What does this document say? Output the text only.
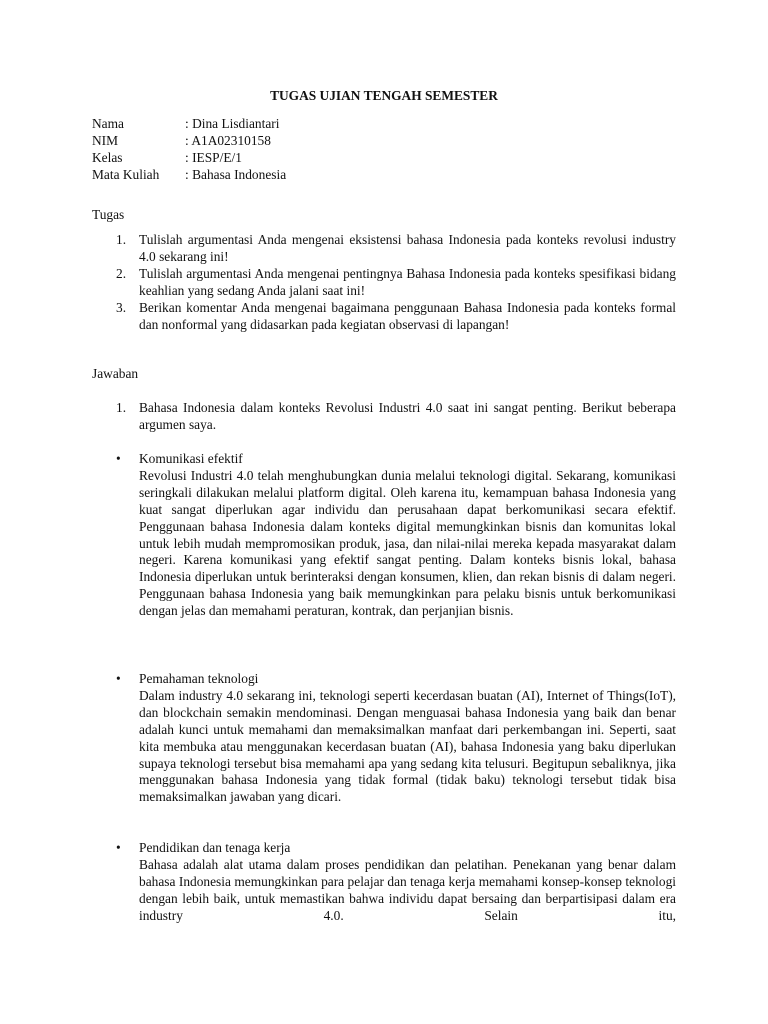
TUGAS UJIAN TENGAH SEMESTER
Nama	: Dina Lisdiantari
NIM	: A1A02310158
Kelas	: IESP/E/1
Mata Kuliah	: Bahasa Indonesia
Tugas
1. Tulislah argumentasi Anda mengenai eksistensi bahasa Indonesia pada konteks revolusi industry 4.0 sekarang ini!
2. Tulislah argumentasi Anda mengenai pentingnya Bahasa Indonesia pada konteks spesifikasi bidang keahlian yang sedang Anda jalani saat ini!
3. Berikan komentar Anda mengenai bagaimana penggunaan Bahasa Indonesia pada konteks formal dan nonformal yang didasarkan pada kegiatan observasi di lapangan!
Jawaban
1. Bahasa Indonesia dalam konteks Revolusi Industri 4.0 saat ini sangat penting. Berikut beberapa argumen saya.
•	Komunikasi efektif
Revolusi Industri 4.0 telah menghubungkan dunia melalui teknologi digital. Sekarang, komunikasi seringkali dilakukan melalui platform digital. Oleh karena itu, kemampuan bahasa Indonesia yang kuat sangat diperlukan agar individu dan perusahaan dapat berkomunikasi secara efektif. Penggunaan bahasa Indonesia dalam konteks digital memungkinkan bisnis dan komunitas lokal untuk lebih mudah mempromosikan produk, jasa, dan nilai-nilai mereka kepada masyarakat dalam negeri. Karena komunikasi yang efektif sangat penting. Dalam konteks bisnis lokal, bahasa Indonesia diperlukan untuk berinteraksi dengan konsumen, klien, dan rekan bisnis di dalam negeri. Penggunaan bahasa Indonesia yang baik memungkinkan para pelaku bisnis untuk berkomunikasi dengan jelas dan memahami peraturan, kontrak, dan perjanjian bisnis.
•	Pemahaman teknologi
Dalam industry 4.0 sekarang ini, teknologi seperti kecerdasan buatan (AI), Internet of Things(IoT), dan blockchain semakin mendominasi. Dengan menguasai bahasa Indonesia yang baik dan benar adalah kunci untuk memahami dan memaksimalkan manfaat dari perkembangan ini. Seperti, saat kita membuka atau menggunakan kecerdasan buatan (AI), bahasa Indonesia yang baku diperlukan supaya teknologi tersebut bisa memahami apa yang sedang kita telusuri. Begitupun sebaliknya, jika menggunakan bahasa Indonesia yang tidak formal (tidak baku) teknologi tersebut tidak bisa memaksimalkan jawaban yang dicari.
•	Pendidikan dan tenaga kerja
Bahasa adalah alat utama dalam proses pendidikan dan pelatihan. Penekanan yang benar dalam bahasa Indonesia memungkinkan para pelajar dan tenaga kerja memahami konsep-konsep teknologi dengan lebih baik, untuk memastikan bahwa individu dapat bersaing dan berpartisipasi dalam era industry 4.0. Selain itu,
